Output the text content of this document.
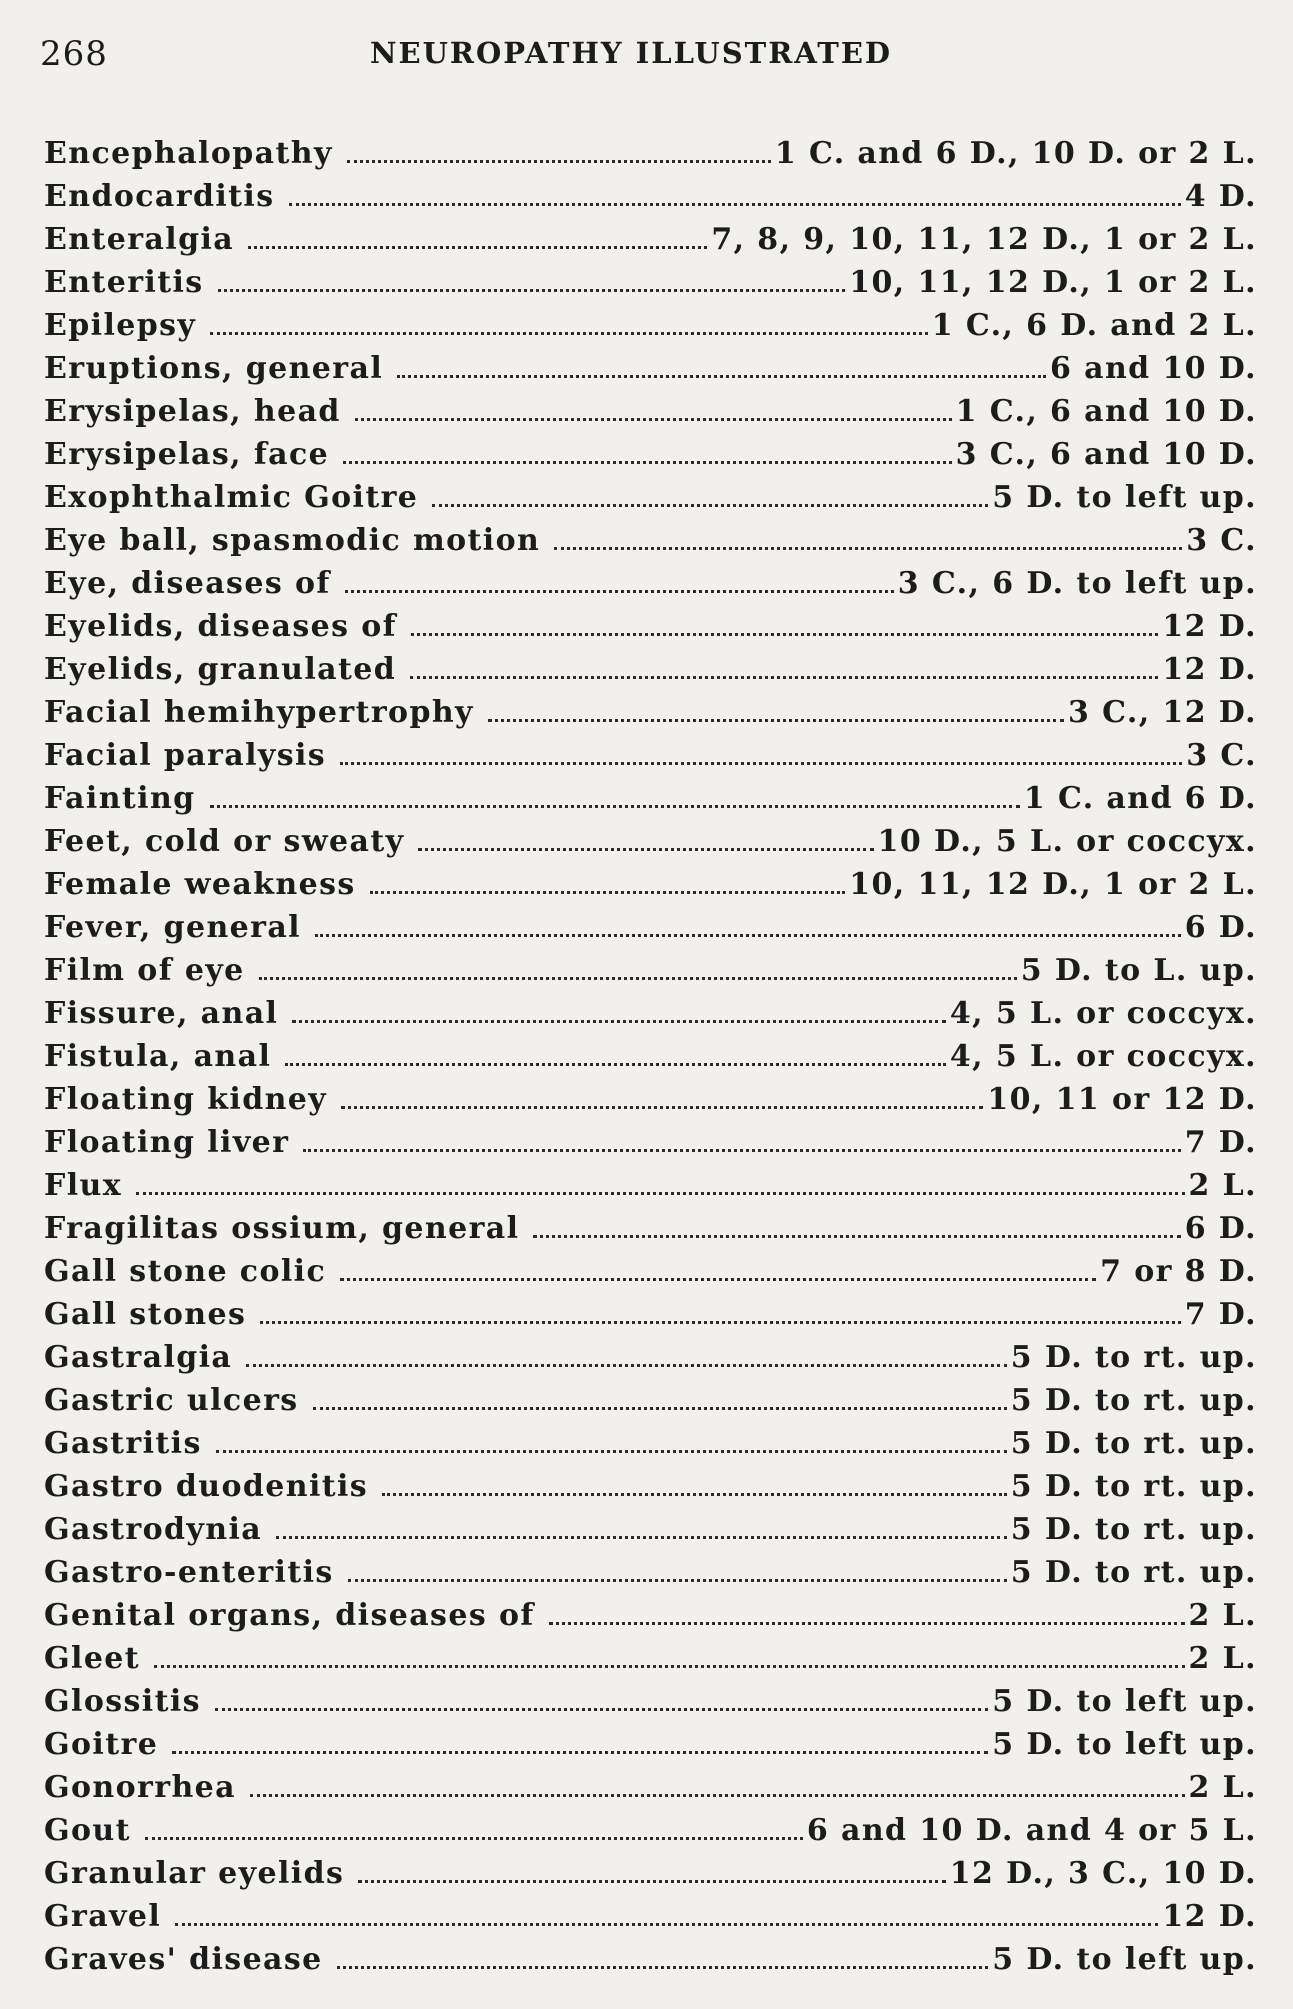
268	NEUROPATHY ILLUSTRATED
Encephalopathy	1 C. and 6 D., 10 D. or 2 L.
Endocarditis	4 D.
Enteralgia	7, 8, 9, 10, 11, 12 D., 1 or 2 L.
Enteritis	10, 11, 12 D., 1 or 2 L.
Epilepsy	1 C., 6 D. and 2 L.
Eruptions, general	6 and 10 D.
Erysipelas, head	1 C., 6 and 10 D.
Erysipelas, face	3 C., 6 and 10 D.
Exophthalmic Goitre	5 D. to left up.
Eye ball, spasmodic motion	3 C.
Eye, diseases of	3 C., 6 D. to left up.
Eyelids, diseases of	12 D.
Eyelids, granulated	12 D.
Facial hemihypertrophy	3 C., 12 D.
Facial paralysis	3 C.
Fainting	1 C. and 6 D.
Feet, cold or sweaty	10 D., 5 L. or coccyx.
Female weakness	10, 11, 12 D., 1 or 2 L.
Fever, general	6 D.
Film of eye	5 D. to L. up.
Fissure, anal	4, 5 L. or coccyx.
Fistula, anal	4, 5 L. or coccyx.
Floating kidney	10, 11 or 12 D.
Floating liver	7 D.
Flux	2 L.
Fragilitas ossium, general	6 D.
Gall stone colic	7 or 8 D.
Gall stones	7 D.
Gastralgia	5 D. to rt. up.
Gastric ulcers	5 D. to rt. up.
Gastritis	5 D. to rt. up.
Gastro duodenitis	5 D. to rt. up.
Gastrodynia	5 D. to rt. up.
Gastro-enteritis	5 D. to rt. up.
Genital organs, diseases of	2 L.
Gleet	2 L.
Glossitis	5 D. to left up.
Goitre	5 D. to left up.
Gonorrhea	2 L.
Gout	6 and 10 D. and 4 or 5 L.
Granular eyelids	12 D., 3 C., 10 D.
Gravel	12 D.
Graves' disease	5 D. to left up.
